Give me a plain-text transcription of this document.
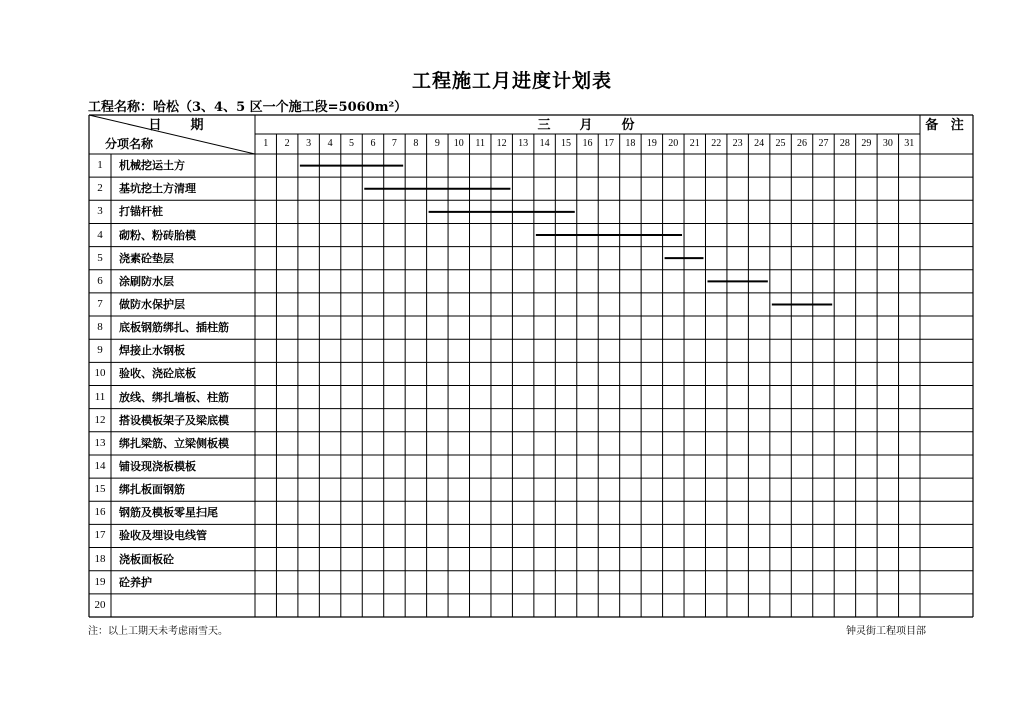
工程施工月进度计划表
工程名称：哈松（3、4、5 区一个施工段=5060m²）
日　期
分项名称
三　月　份	备 注
1	2	3	4	5	6	7	8	9	10	11	12	13	14	15	16	17	18	19	20	21	22	23	24	25	26	27	28	29	30	31
1	机械挖运土方
2	基坑挖土方清理
3	打锚杆桩
4	砌粉、粉砖胎模
5	浇素砼垫层
6	涂刷防水层
7	做防水保护层
8	底板钢筋绑扎、插柱筋
9	焊接止水钢板
10	验收、浇砼底板
11	放线、绑扎墙板、柱筋
12	搭设模板架子及梁底模
13	绑扎梁筋、立梁侧板模
14	铺设现浇板模板
15	绑扎板面钢筋
16	钢筋及模板零星扫尾
17	验收及埋设电线管
18	浇板面板砼
19	砼养护
20
注：以上工期天未考虑雨雪天。	钟灵街工程项目部
